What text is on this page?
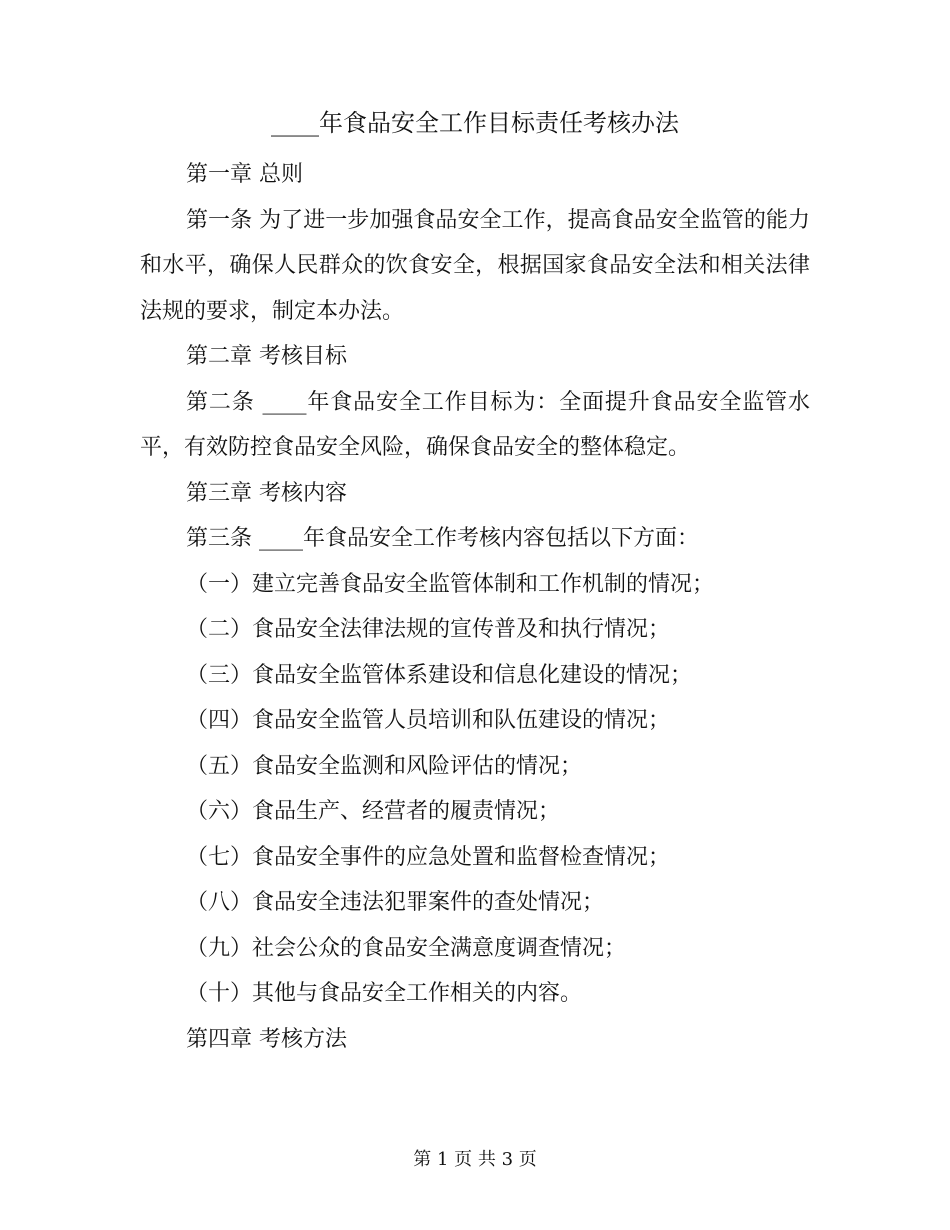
____年食品安全工作目标责任考核办法
第一章 总则
第一条 为了进一步加强食品安全工作，提高食品安全监管的能力和水平，确保人民群众的饮食安全，根据国家食品安全法和相关法律法规的要求，制定本办法。
第二章 考核目标
第二条 ____年食品安全工作目标为：全面提升食品安全监管水平，有效防控食品安全风险，确保食品安全的整体稳定。
第三章 考核内容
第三条 ____年食品安全工作考核内容包括以下方面：
（一）建立完善食品安全监管体制和工作机制的情况；
（二）食品安全法律法规的宣传普及和执行情况；
（三）食品安全监管体系建设和信息化建设的情况；
（四）食品安全监管人员培训和队伍建设的情况；
（五）食品安全监测和风险评估的情况；
（六）食品生产、经营者的履责情况；
（七）食品安全事件的应急处置和监督检查情况；
（八）食品安全违法犯罪案件的查处情况；
（九）社会公众的食品安全满意度调查情况；
（十）其他与食品安全工作相关的内容。
第四章 考核方法
第 1 页 共 3 页
